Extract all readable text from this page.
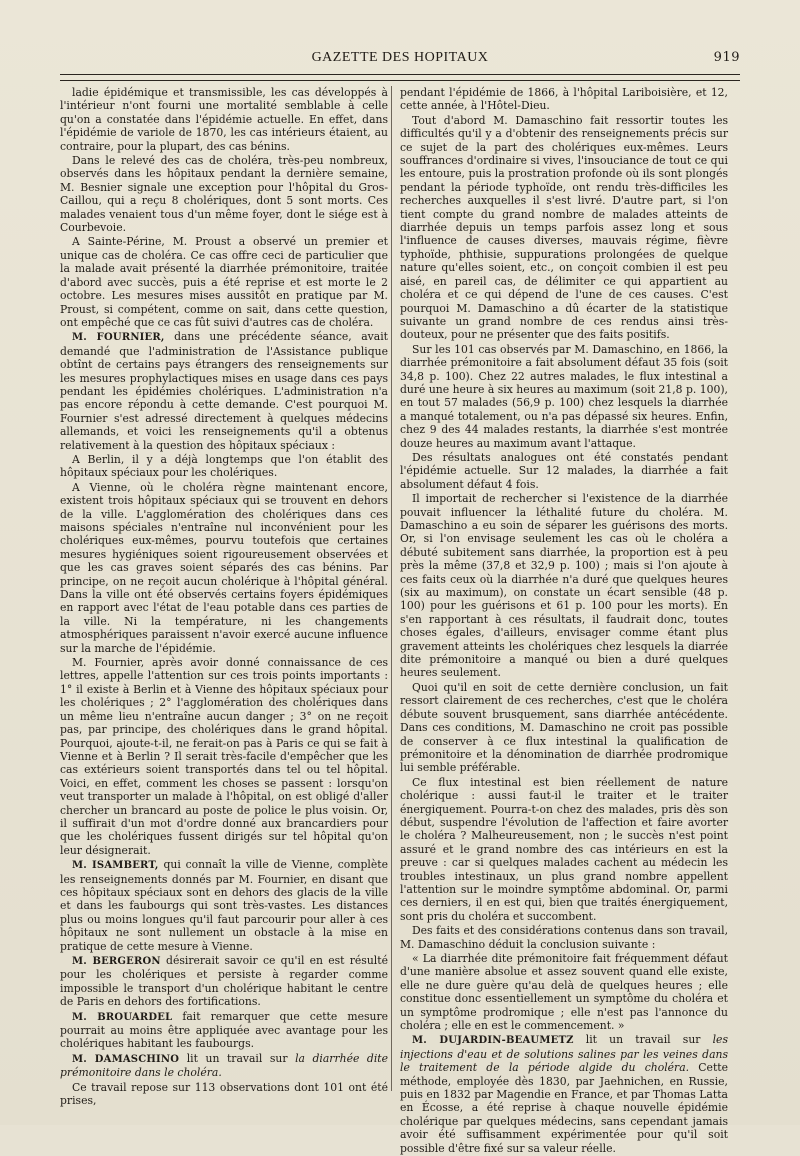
GAZETTE DES HOPITAUX	919

ladie épidémique et transmissible, les cas développés à l'intérieur n'ont fourni une mortalité semblable à celle qu'on a constatée dans l'épidémie actuelle. En effet, dans l'épidémie de variole de 1870, les cas intérieurs étaient, au contraire, pour la plupart, des cas bénins.

Dans le relevé des cas de choléra, très-peu nombreux, observés dans les hôpitaux pendant la dernière semaine, M. Besnier signale une exception pour l'hôpital du Gros-Caillou, qui a reçu 8 cholériques, dont 5 sont morts. Ces malades venaient tous d'un même foyer, dont le siége est à Courbevoie.

A Sainte-Périne, M. Proust a observé un premier et unique cas de choléra. Ce cas offre ceci de particulier que la malade avait présenté la diarrhée prémonitoire, traitée d'abord avec succès, puis a été reprise et est morte le 2 octobre. Les mesures mises aussitôt en pratique par M. Proust, si compétent, comme on sait, dans cette question, ont empêché que ce cas fût suivi d'autres cas de choléra.

M. FOURNIER, dans une précédente séance, avait demandé que l'administration de l'Assistance publique obtînt de certains pays étrangers des renseignements sur les mesures prophylactiques mises en usage dans ces pays pendant les épidémies cholériques. L'administration n'a pas encore répondu à cette demande. C'est pourquoi M. Fournier s'est adressé directement à quelques médecins allemands, et voici les renseignements qu'il a obtenus relativement à la question des hôpitaux spéciaux :

A Berlin, il y a déjà longtemps que l'on établit des hôpitaux spéciaux pour les cholériques.

A Vienne, où le choléra règne maintenant encore, existent trois hôpitaux spéciaux qui se trouvent en dehors de la ville. L'agglomération des cholériques dans ces maisons spéciales n'entraîne nul inconvénient pour les cholériques eux-mêmes, pourvu toutefois que certaines mesures hygiéniques soient rigoureusement observées et que les cas graves soient séparés des cas bénins. Par principe, on ne reçoit aucun cholérique à l'hôpital général. Dans la ville ont été observés certains foyers épidémiques en rapport avec l'état de l'eau potable dans ces parties de la ville. Ni la température, ni les changements atmosphériques paraissent n'avoir exercé aucune influence sur la marche de l'épidémie.

M. Fournier, après avoir donné connaissance de ces lettres, appelle l'attention sur ces trois points importants : 1° il existe à Berlin et à Vienne des hôpitaux spéciaux pour les cholériques ; 2° l'agglomération des cholériques dans un même lieu n'entraîne aucun danger ; 3° on ne reçoit pas, par principe, des cholériques dans le grand hôpital. Pourquoi, ajoute-t-il, ne ferait-on pas à Paris ce qui se fait à Vienne et à Berlin ? Il serait très-facile d'empêcher que les cas extérieurs soient transportés dans tel ou tel hôpital. Voici, en effet, comment les choses se passent : lorsqu'on veut transporter un malade à l'hôpital, on est obligé d'aller chercher un brancard au poste de police le plus voisin. Or, il suffirait d'un mot d'ordre donné aux brancardiers pour que les cholériques fussent dirigés sur tel hôpital qu'on leur désignerait.

M. ISAMBERT, qui connaît la ville de Vienne, complète les renseignements donnés par M. Fournier, en disant que ces hôpitaux spéciaux sont en dehors des glacis de la ville et dans les faubourgs qui sont très-vastes. Les distances plus ou moins longues qu'il faut parcourir pour aller à ces hôpitaux ne sont nullement un obstacle à la mise en pratique de cette mesure à Vienne.

M. BERGERON désirerait savoir ce qu'il en est résulté pour les cholériques et persiste à regarder comme impossible le transport d'un cholérique habitant le centre de Paris en dehors des fortifications.

M. BROUARDEL fait remarquer que cette mesure pourrait au moins être appliquée avec avantage pour les cholériques habitant les faubourgs.

M. DAMASCHINO lit un travail sur la diarrhée dite prémonitoire dans le choléra.

Ce travail repose sur 113 observations dont 101 ont été prises,

pendant l'épidémie de 1866, à l'hôpital Lariboisière, et 12, cette année, à l'Hôtel-Dieu.

Tout d'abord M. Damaschino fait ressortir toutes les difficultés qu'il y a d'obtenir des renseignements précis sur ce sujet de la part des cholériques eux-mêmes. Leurs souffrances d'ordinaire si vives, l'insouciance de tout ce qui les entoure, puis la prostration profonde où ils sont plongés pendant la période typhoïde, ont rendu très-difficiles les recherches auxquelles il s'est livré. D'autre part, si l'on tient compte du grand nombre de malades atteints de diarrhée depuis un temps parfois assez long et sous l'influence de causes diverses, mauvais régime, fièvre typhoïde, phthisie, suppurations prolongées de quelque nature qu'elles soient, etc., on conçoit combien il est peu aisé, en pareil cas, de délimiter ce qui appartient au choléra et ce qui dépend de l'une de ces causes. C'est pourquoi M. Damaschino a dû écarter de la statistique suivante un grand nombre de ces rendus ainsi très-douteux, pour ne présenter que des faits positifs.

Sur les 101 cas observés par M. Damaschino, en 1866, la diarrhée prémonitoire a fait absolument défaut 35 fois (soit 34,8 p. 100). Chez 22 autres malades, le flux intestinal a duré une heure à six heures au maximum (soit 21,8 p. 100), en tout 57 malades (56,9 p. 100) chez lesquels la diarrhée a manqué totalement, ou n'a pas dépassé six heures. Enfin, chez 9 des 44 malades restants, la diarrhée s'est montrée douze heures au maximum avant l'attaque.

Des résultats analogues ont été constatés pendant l'épidémie actuelle. Sur 12 malades, la diarrhée a fait absolument défaut 4 fois.

Il importait de rechercher si l'existence de la diarrhée pouvait influencer la léthalité future du choléra. M. Damaschino a eu soin de séparer les guérisons des morts. Or, si l'on envisage seulement les cas où le choléra a débuté subitement sans diarrhée, la proportion est à peu près la même (37,8 et 32,9 p. 100) ; mais si l'on ajoute à ces faits ceux où la diarrhée n'a duré que quelques heures (six au maximum), on constate un écart sensible (48 p. 100) pour les guérisons et 61 p. 100 pour les morts). En s'en rapportant à ces résultats, il faudrait donc, toutes choses égales, d'ailleurs, envisager comme étant plus gravement atteints les cholériques chez lesquels la diarrée dite prémonitoire a manqué ou bien a duré quelques heures seulement.

Quoi qu'il en soit de cette dernière conclusion, un fait ressort clairement de ces recherches, c'est que le choléra débute souvent brusquement, sans diarrhée antécédente. Dans ces conditions, M. Damaschino ne croit pas possible de conserver à ce flux intestinal la qualification de prémonitoire et la dénomination de diarrhée prodromique lui semble préférable.

Ce flux intestinal est bien réellement de nature cholérique : aussi faut-il le traiter et le traiter énergiquement. Pourra-t-on chez des malades, pris dès son début, suspendre l'évolution de l'affection et faire avorter le choléra ? Malheureusement, non ; le succès n'est point assuré et le grand nombre des cas intérieurs en est la preuve : car si quelques malades cachent au médecin les troubles intestinaux, un plus grand nombre appellent l'attention sur le moindre symptôme abdominal. Or, parmi ces derniers, il en est qui, bien que traités énergiquement, sont pris du choléra et succombent.

Des faits et des considérations contenus dans son travail, M. Damaschino déduit la conclusion suivante :

« La diarrhée dite prémonitoire fait fréquemment défaut d'une manière absolue et assez souvent quand elle existe, elle ne dure guère qu'au delà de quelques heures ; elle constitue donc essentiellement un symptôme du choléra et un symptôme prodromique ; elle n'est pas l'annonce du choléra ; elle en est le commencement. »

M. DUJARDIN-BEAUMETZ lit un travail sur les injections d'eau et de solutions salines par les veines dans le traitement de la période algide du choléra. Cette méthode, employée dès 1830, par Jaehnichen, en Russie, puis en 1832 par Magendie en France, et par Thomas Latta en Écosse, a été reprise à chaque nouvelle épidémie cholérique par quelques médecins, sans cependant jamais avoir été suffisamment expérimentée pour qu'il soit possible d'être fixé sur sa valeur réelle.
